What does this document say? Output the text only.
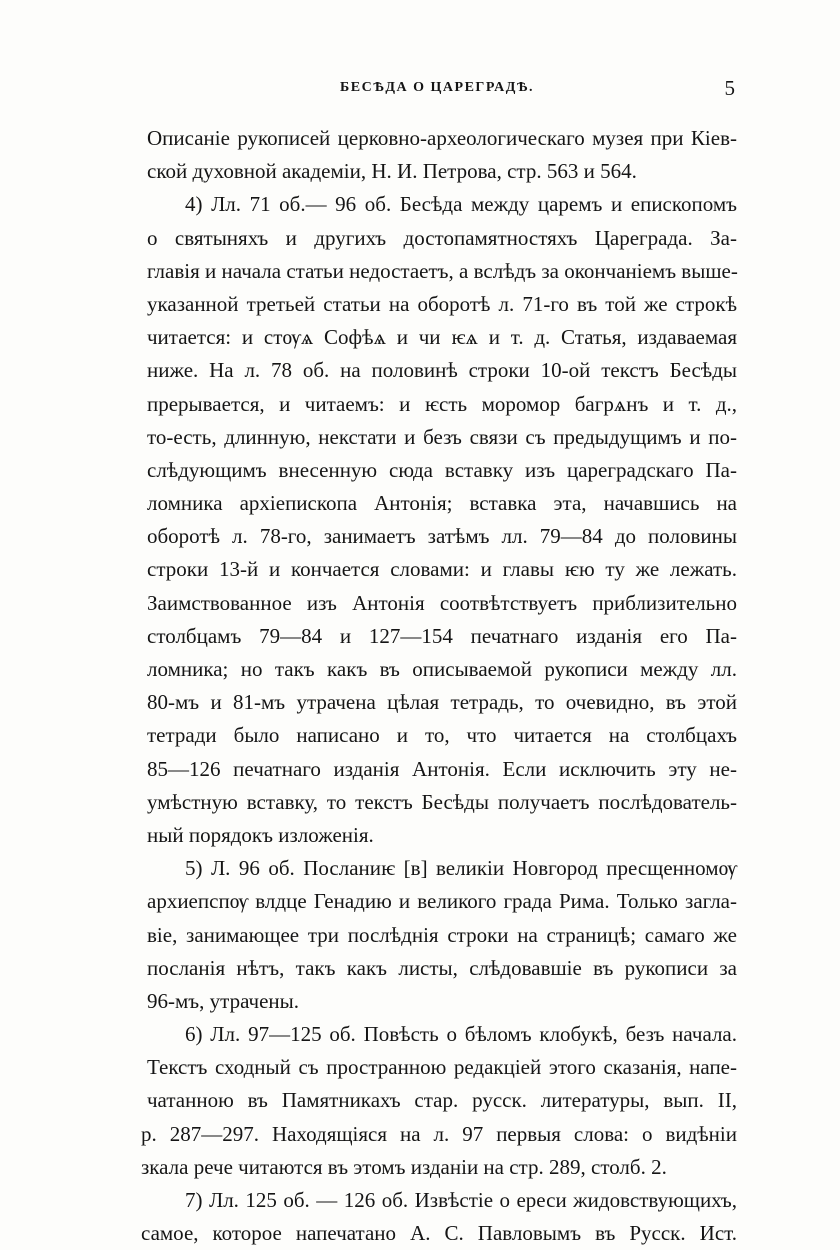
БЕСѢДА О ЦАРЕГРАДѢ.	5
Описаніе рукописей церковно-археологическаго музея при Кіев-
ской духовной академіи, Н. И. Петрова, стр. 563 и 564.
4) Лл. 71 об.— 96 об. Бесѣда между царемъ и епископомъ
о святыняхъ и другихъ достопамятностяхъ Цареграда. За-
главія и начала статьи недостаетъ, а вслѣдъ за окончаніемъ выше-
указанной третьей статьи на оборотѣ л. 71-го въ той же строкѣ
читается: и стѹѧ Софѣѧ и чи ѥѧ и т. д. Статья, издаваемая
ниже. На л. 78 об. на половинѣ строки 10-ой текстъ Бесѣды
прерывается, и читаемъ: и ѥсть моромор багрѧнъ и т. д.,
то-есть, длинную, некстати и безъ связи съ предыдущимъ и по-
слѣдующимъ внесенную сюда вставку изъ цареградскаго Па-
ломника архіепископа Антонія; вставка эта, начавшись на
оборотѣ л. 78-го, занимаетъ затѣмъ лл. 79—84 до половины
строки 13-й и кончается словами: и главы ѥю ту же лежать.
Заимствованное изъ Антонія соотвѣтствуетъ приблизительно
столбцамъ 79—84 и 127—154 печатнаго изданія его Па-
ломника; но такъ какъ въ описываемой рукописи между лл.
80-мъ и 81-мъ утрачена цѣлая тетрадь, то очевидно, въ этой
тетради было написано и то, что читается на столбцахъ
85—126 печатнаго изданія Антонія. Если исключить эту не-
умѣстную вставку, то текстъ Бесѣды получаетъ послѣдователь-
ный порядокъ изложенія.
5) Л. 96 об. Посланиѥ [в] великіи Новгород пресщенномѹ
архиепспѹ влдце Генадию и великого града Рима. Только загла-
віе, занимающее три послѣднія строки на страницѣ; самаго же
посланія нѣтъ, такъ какъ листы, слѣдовавшіе въ рукописи за
96-мъ, утрачены.
6) Лл. 97—125 об. Повѣсть о бѣломъ клобукѣ, безъ начала.
Текстъ сходный съ пространною редакціей этого сказанія, напе-
чатанною въ Памятникахъ стар. русск. литературы, вып. II,
р. 287—297. Находящіяся на л. 97 первыя слова: о видѣніи
зкала рече читаются въ этомъ изданіи на стр. 289, столб. 2.
7) Лл. 125 об. — 126 об. Извѣстіе о ереси жидовствующихъ,
самое, которое напечатано А. С. Павловымъ въ Русск. Ист.
